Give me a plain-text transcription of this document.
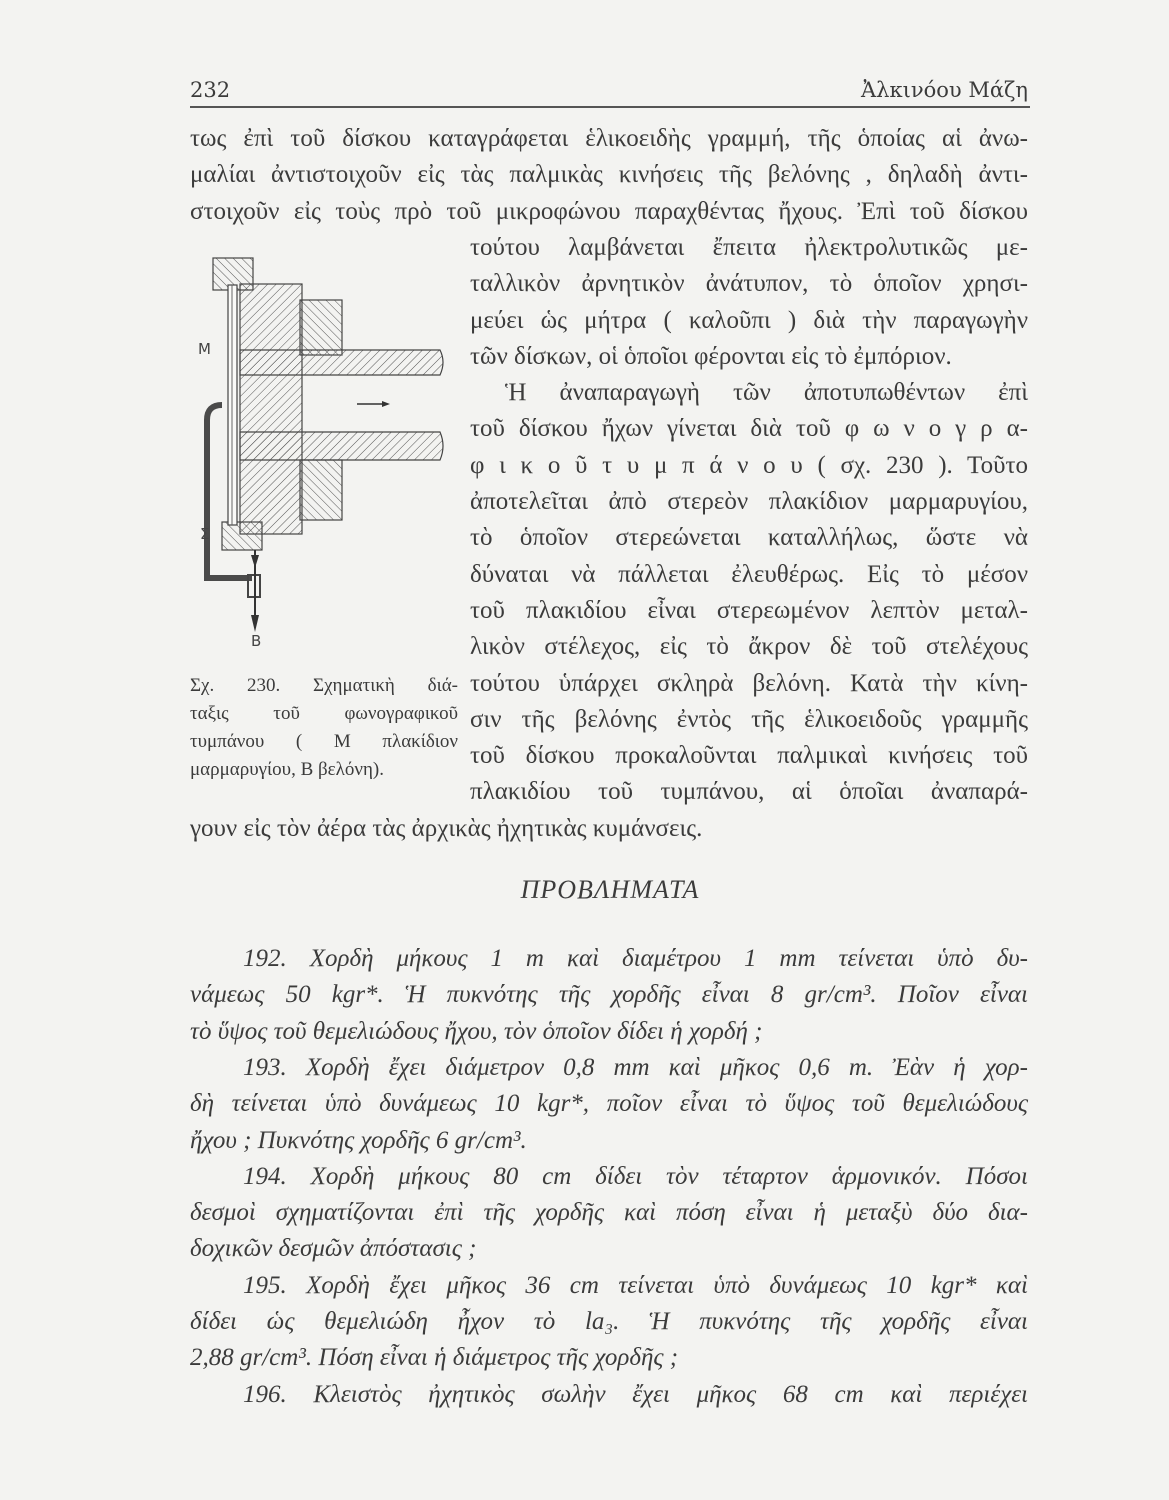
232	Ἀλκινόου Μάζη
τως ἐπὶ τοῦ δίσκου καταγράφεται ἑλικοειδὴς γραμμή, τῆς ὁποίας αἱ ἀνω-
μαλίαι ἀντιστοιχοῦν εἰς τὰς παλμικὰς κινήσεις τῆς βελόνης , δηλαδὴ ἀντι-
στοιχοῦν εἰς τοὺς πρὸ τοῦ μικροφώνου παραχθέντας ἤχους. Ἐπὶ τοῦ δίσκου
τούτου λαμβάνεται ἔπειτα ἠλεκτρολυτικῶς με-
ταλλικὸν ἀρνητικὸν ἀνάτυπον, τὸ ὁποῖον χρησι-
μεύει ὡς μήτρα ( καλοῦπι ) διὰ τὴν παραγωγὴν
τῶν δίσκων, οἱ ὁποῖοι φέρονται εἰς τὸ ἐμπόριον.
Ἡ ἀναπαραγωγὴ τῶν ἀποτυπωθέντων ἐπὶ
τοῦ δίσκου ἤχων γίνεται διὰ τοῦ φ ω ν ο γ ρ α-
φ ι κ ο ῦ τ υ μ π ά ν ο υ ( σχ. 230 ). Τοῦτο
ἀποτελεῖται ἀπὸ στερεὸν πλακίδιον μαρμαρυγίου,
τὸ ὁποῖον στερεώνεται καταλλήλως, ὥστε νὰ
δύναται νὰ πάλλεται ἐλευθέρως. Εἰς τὸ μέσον
τοῦ πλακιδίου εἶναι στερεωμένον λεπτὸν μεταλ-
λικὸν στέλεχος, εἰς τὸ ἄκρον δὲ τοῦ στελέχους
τούτου ὑπάρχει σκληρὰ βελόνη. Κατὰ τὴν κίνη-
σιν τῆς βελόνης ἐντὸς τῆς ἑλικοειδοῦς γραμμῆς
τοῦ δίσκου προκαλοῦνται παλμικαὶ κινήσεις τοῦ
πλακιδίου τοῦ τυμπάνου, αἱ ὁποῖαι ἀναπαρά-
γουν εἰς τὸν ἀέρα τὰς ἀρχικὰς ἠχητικὰς κυμάνσεις.
M
Σ
B
Σχ. 230. Σχηματικὴ διά-
ταξις τοῦ φωνογραφικοῦ
τυμπάνου ( Μ πλακίδιον
μαρμαρυγίου, Β βελόνη).
ΠΡΟΒΛΗΜΑΤΑ
192. Χορδὴ μήκους 1 m καὶ διαμέτρου 1 mm τείνεται ὑπὸ δυ-
νάμεως 50 kgr*. Ἡ πυκνότης τῆς χορδῆς εἶναι 8 gr/cm³. Ποῖον εἶναι
τὸ ὕψος τοῦ θεμελιώδους ἤχου, τὸν ὁποῖον δίδει ἡ χορδή ;
193. Χορδὴ ἔχει διάμετρον 0,8 mm καὶ μῆκος 0,6 m. Ἐὰν ἡ χορ-
δὴ τείνεται ὑπὸ δυνάμεως 10 kgr*, ποῖον εἶναι τὸ ὕψος τοῦ θεμελιώδους
ἤχου ; Πυκνότης χορδῆς 6 gr/cm³.
194. Χορδὴ μήκους 80 cm δίδει τὸν τέταρτον ἁρμονικόν. Πόσοι
δεσμοὶ σχηματίζονται ἐπὶ τῆς χορδῆς καὶ πόση εἶναι ἡ μεταξὺ δύο δια-
δοχικῶν δεσμῶν ἀπόστασις ;
195. Χορδὴ ἔχει μῆκος 36 cm τείνεται ὑπὸ δυνάμεως 10 kgr* καὶ
δίδει ὡς θεμελιώδη ἦχον τὸ la₃. Ἡ πυκνότης τῆς χορδῆς εἶναι
2,88 gr/cm³. Πόση εἶναι ἡ διάμετρος τῆς χορδῆς ;
196. Κλειστὸς ἠχητικὸς σωλὴν ἔχει μῆκος 68 cm καὶ περιέχει
